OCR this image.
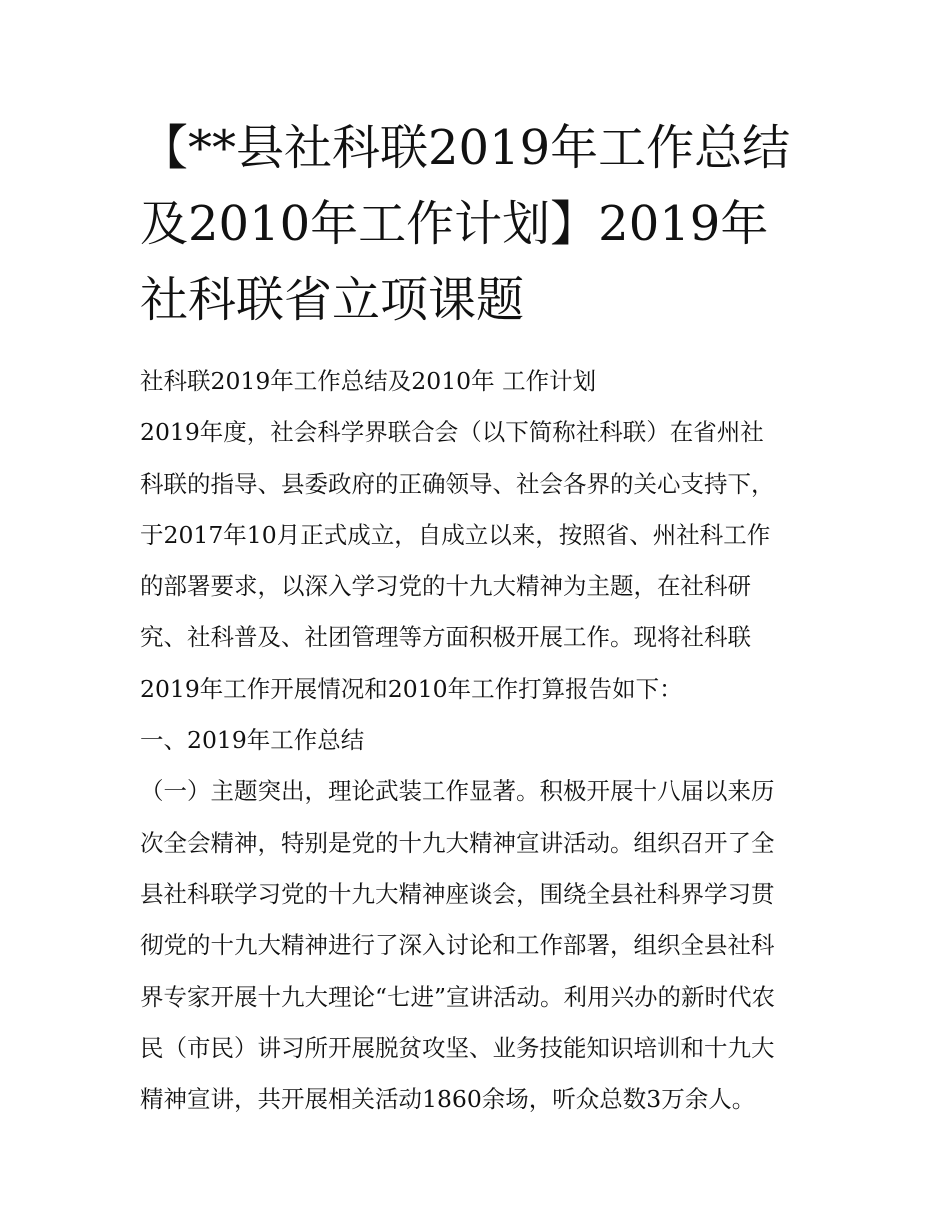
【**县社科联2019年工作总结
及2010年工作计划】2019年
社科联省立项课题
社科联2019年工作总结及2010年 工作计划
2019年度，社会科学界联合会（以下简称社科联）在省州社
科联的指导、县委政府的正确领导、社会各界的关心支持下，
于2017年10月正式成立，自成立以来，按照省、州社科工作
的部署要求，以深入学习党的十九大精神为主题，在社科研
究、社科普及、社团管理等方面积极开展工作。现将社科联
2019年工作开展情况和2010年工作打算报告如下：
一、2019年工作总结
（一）主题突出，理论武装工作显著。积极开展十八届以来历
次全会精神，特别是党的十九大精神宣讲活动。组织召开了全
县社科联学习党的十九大精神座谈会，围绕全县社科界学习贯
彻党的十九大精神进行了深入讨论和工作部署，组织全县社科
界专家开展十九大理论“七进”宣讲活动。利用兴办的新时代农
民（市民）讲习所开展脱贫攻坚、业务技能知识培训和十九大
精神宣讲，共开展相关活动1860余场，听众总数3万余人。
